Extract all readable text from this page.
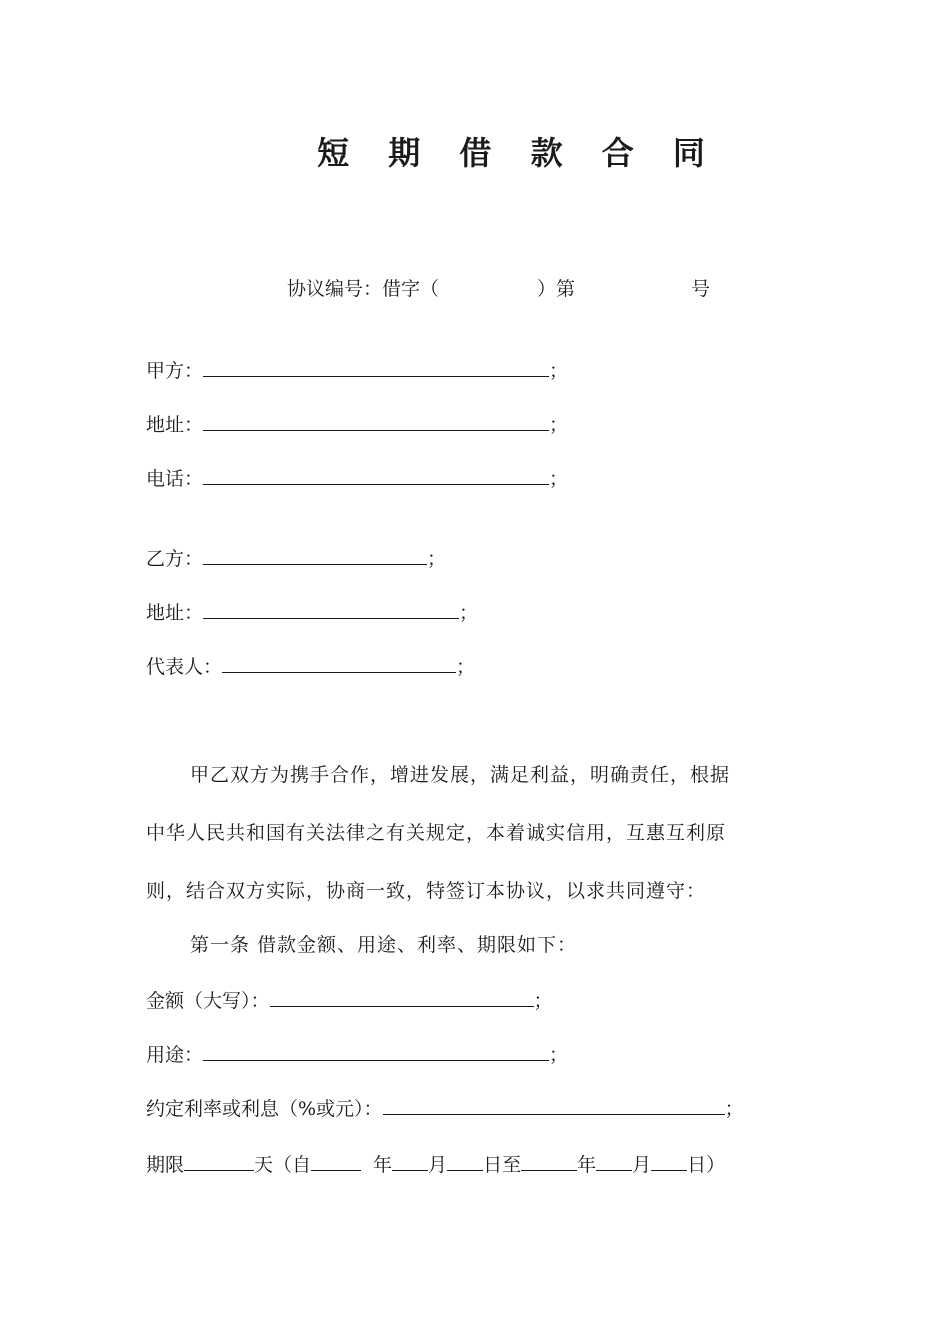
短 期 借 款 合 同
协议编号：借字（	）第	号
甲方：	；
地址：	；
电话：	；
乙方：	；
地址：	；
代表人：	；
甲乙双方为携手合作，增进发展，满足利益，明确责任，根据
中华人民共和国有关法律之有关规定，本着诚实信用，互惠互利原
则，结合双方实际，协商一致，特签订本协议，以求共同遵守：
第一条 借款金额、用途、利率、期限如下：
金额（大写）：	；
用途：	；
约定利率或利息（%或元）：	；
期限	天（自	年 月 日至	年 月 日）
